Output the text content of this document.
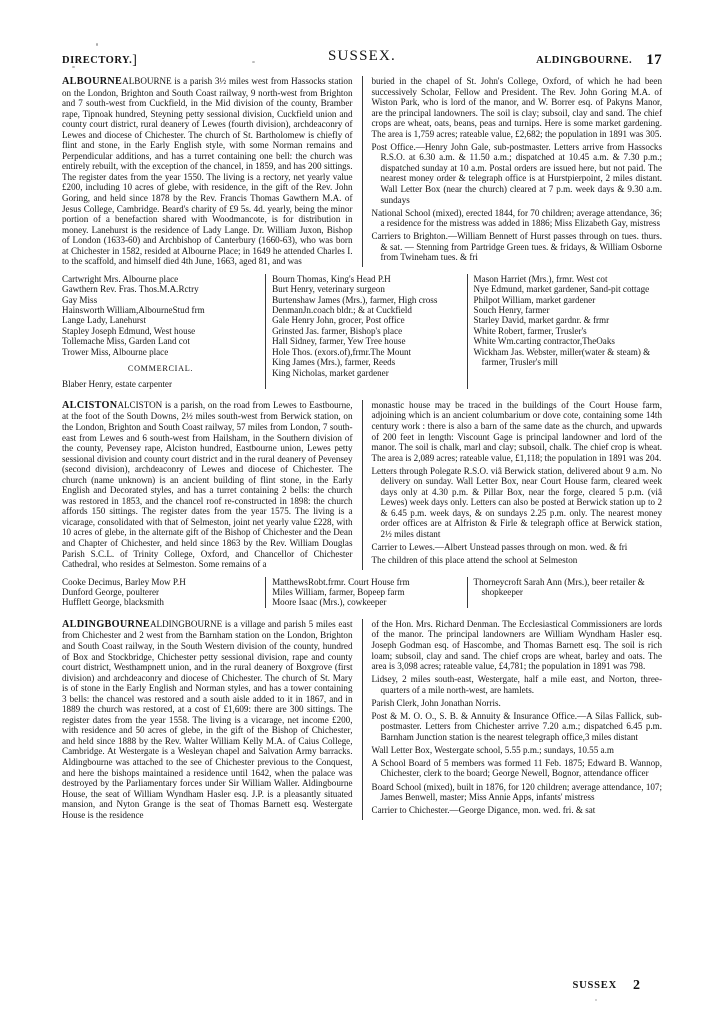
DIRECTORY.]	SUSSEX.	ALDINGBOURNE. 17

ALBOURNEALBOURNE is a parish 3½ miles west from Hassocks station on the London, Brighton and South Coast railway, 9 north-west from Brighton and 7 south-west from Cuckfield, in the Mid division of the county, Bramber rape, Tipnoak hundred, Steyning petty sessional division, Cuckfield union and county court district, rural deanery of Lewes (fourth division), archdeaconry of Lewes and diocese of Chichester. The church of St. Bartholomew is chiefly of flint and stone, in the Early English style, with some Norman remains and Perpendicular additions, and has a turret containing one bell: the church was entirely rebuilt, with the exception of the chancel, in 1859, and has 200 sittings. The register dates from the year 1550. The living is a rectory, net yearly value £200, including 10 acres of glebe, with residence, in the gift of the Rev. John Goring, and held since 1878 by the Rev. Francis Thomas Gawthern M.A. of Jesus College, Cambridge. Beard's charity of £9 5s. 4d. yearly, being the minor portion of a benefaction shared with Woodmancote, is for distribution in money. Lanehurst is the residence of Lady Lange. Dr. William Juxon, Bishop of London (1633-60) and Archbishop of Canterbury (1660-63), who was born at Chichester in 1582, resided at Albourne Place; in 1649 he attended Charles I. to the scaffold, and himself died 4th June, 1663, aged 81, and was

buried in the chapel of St. John's College, Oxford, of which he had been successively Scholar, Fellow and President. The Rev. John Goring M.A. of Wiston Park, who is lord of the manor, and W. Borrer esq. of Pakyns Manor, are the principal landowners. The soil is clay; subsoil, clay and sand. The chief crops are wheat, oats, beans, peas and turnips. Here is some market gardening. The area is 1,759 acres; rateable value, £2,682; the population in 1891 was 305.

Post Office.—Henry John Gale, sub-postmaster. Letters arrive from Hassocks R.S.O. at 6.30 a.m. & 11.50 a.m.; dispatched at 10.45 a.m. & 7.30 p.m.; dispatched sunday at 10 a.m. Postal orders are issued here, but not paid. The nearest money order & telegraph office is at Hurstpierpoint, 2 miles distant. Wall Letter Box (near the church) cleared at 7 p.m. week days & 9.30 a.m. sundays

National School (mixed), erected 1844, for 70 children; average attendance, 36; a residence for the mistress was added in 1886; Miss Elizabeth Gay, mistress

Carriers to Brighton.—William Bennett of Hurst passes through on tues. thurs. & sat. — Stenning from Partridge Green tues. & fridays, & William Osborne from Twineham tues. & fri

Cartwright Mrs. Albourne place
Gawthern Rev. Fras. Thos.M.A.Rctry
Gay Miss
Hainsworth William,AlbourneStud frm
Lange Lady, Lanehurst
Stapley Joseph Edmund, West house
Tollemache Miss, Garden Land cot
Trower Miss, Albourne place
COMMERCIAL.
Blaber Henry, estate carpenter
Bourn Thomas, King's Head P.H
Burt Henry, veterinary surgeon
Burtenshaw James (Mrs.), farmer, High cross
DenmanJn.coach bldr.; & at Cuckfield
Gale Henry John, grocer, Post office
Grinsted Jas. farmer, Bishop's place
Hall Sidney, farmer, Yew Tree house
Hole Thos. (exors.of),frmr.The Mount
King James (Mrs.), farmer, Reeds
King Nicholas, market gardener
Mason Harriet (Mrs.), frmr. West cot
Nye Edmund, market gardener, Sand-pit cottage
Philpot William, market gardener
Souch Henry, farmer
Starley David, market gardnr. & frmr
White Robert, farmer, Trusler's
White Wm.carting contractor,TheOaks
Wickham Jas. Webster, miller(water & steam) & farmer, Trusler's mill

ALCISTONALCISTON is a parish, on the road from Lewes to Eastbourne, at the foot of the South Downs, 2½ miles south-west from Berwick station, on the London, Brighton and South Coast railway, 57 miles from London, 7 south-east from Lewes and 6 south-west from Hailsham, in the Southern division of the county, Pevensey rape, Alciston hundred, Eastbourne union, Lewes petty sessional division and county court district and in the rural deanery of Pevensey (second division), archdeaconry of Lewes and diocese of Chichester. The church (name unknown) is an ancient building of flint stone, in the Early English and Decorated styles, and has a turret containing 2 bells: the church was restored in 1853, and the chancel roof re-constructed in 1898: the church affords 150 sittings. The register dates from the year 1575. The living is a vicarage, consolidated with that of Selmeston, joint net yearly value £228, with 10 acres of glebe, in the alternate gift of the Bishop of Chichester and the Dean and Chapter of Chichester, and held since 1863 by the Rev. William Douglas Parish S.C.L. of Trinity College, Oxford, and Chancellor of Chichester Cathedral, who resides at Selmeston. Some remains of a

monastic house may be traced in the buildings of the Court House farm, adjoining which is an ancient columbarium or dove cote, containing some 14th century work : there is also a barn of the same date as the church, and upwards of 200 feet in length: Viscount Gage is principal landowner and lord of the manor. The soil is chalk, marl and clay; subsoil, chalk. The chief crop is wheat. The area is 2,089 acres; rateable value, £1,118; the population in 1891 was 204.

Letters through Polegate R.S.O. viâ Berwick station, delivered about 9 a.m. No delivery on sunday. Wall Letter Box, near Court House farm, cleared week days only at 4.30 p.m. & Pillar Box, near the forge, cleared 5 p.m. (viâ Lewes) week days only. Letters can also be posted at Berwick station up to 2 & 6.45 p.m. week days, & on sundays 2.25 p.m. only. The nearest money order offices are at Alfriston & Firle & telegraph office at Berwick station, 2½ miles distant

Carrier to Lewes.—Albert Unstead passes through on mon. wed. & fri

The children of this place attend the school at Selmeston

Cooke Decimus, Barley Mow P.H
Dunford George, poulterer
Hufflett George, blacksmith
MatthewsRobt.frmr. Court House frm
Miles William, farmer, Bopeep farm
Moore Isaac (Mrs.), cowkeeper
Thorneycroft Sarah Ann (Mrs.), beer retailer & shopkeeper

ALDINGBOURNEALDINGBOURNE is a village and parish 5 miles east from Chichester and 2 west from the Barnham station on the London, Brighton and South Coast railway, in the South Western division of the county, hundred of Box and Stockbridge, Chichester petty sessional division, rape and county court district, Westhampnett union, and in the rural deanery of Boxgrove (first division) and archdeaconry and diocese of Chichester. The church of St. Mary is of stone in the Early English and Norman styles, and has a tower containing 3 bells: the chancel was restored and a south aisle added to it in 1867, and in 1889 the church was restored, at a cost of £1,609: there are 300 sittings. The register dates from the year 1558. The living is a vicarage, net income £200, with residence and 50 acres of glebe, in the gift of the Bishop of Chichester, and held since 1888 by the Rev. Walter William Kelly M.A. of Caius College, Cambridge. At Westergate is a Wesleyan chapel and Salvation Army barracks. Aldingbourne was attached to the see of Chichester previous to the Conquest, and here the bishops maintained a residence until 1642, when the palace was destroyed by the Parliamentary forces under Sir William Waller. Aldingbourne House, the seat of William Wyndham Hasler esq. J.P. is a pleasantly situated mansion, and Nyton Grange is the seat of Thomas Barnett esq. Westergate House is the residence

of the Hon. Mrs. Richard Denman. The Ecclesiastical Commissioners are lords of the manor. The principal landowners are William Wyndham Hasler esq. Joseph Godman esq. of Hascombe, and Thomas Barnett esq. The soil is rich loam; subsoil, clay and sand. The chief crops are wheat, barley and oats. The area is 3,098 acres; rateable value, £4,781; the population in 1891 was 798.

Lidsey, 2 miles south-east, Westergate, half a mile east, and Norton, three-quarters of a mile north-west, are hamlets.

Parish Clerk, John Jonathan Norris.

Post & M. O. O., S. B. & Annuity & Insurance Office.—A Silas Fallick, sub-postmaster. Letters from Chichester arrive 7.20 a.m.; dispatched 6.45 p.m. Barnham Junction station is the nearest telegraph office,3 miles distant

Wall Letter Box, Westergate school, 5.55 p.m.; sundays, 10.55 a.m

A School Board of 5 members was formed 11 Feb. 1875; Edward B. Wannop, Chichester, clerk to the board; George Newell, Bognor, attendance officer

Board School (mixed), built in 1876, for 120 children; average attendance, 107; James Benwell, master; Miss Annie Apps, infants' mistress

Carrier to Chichester.—George Digance, mon. wed. fri. & sat

SUSSEX 2
